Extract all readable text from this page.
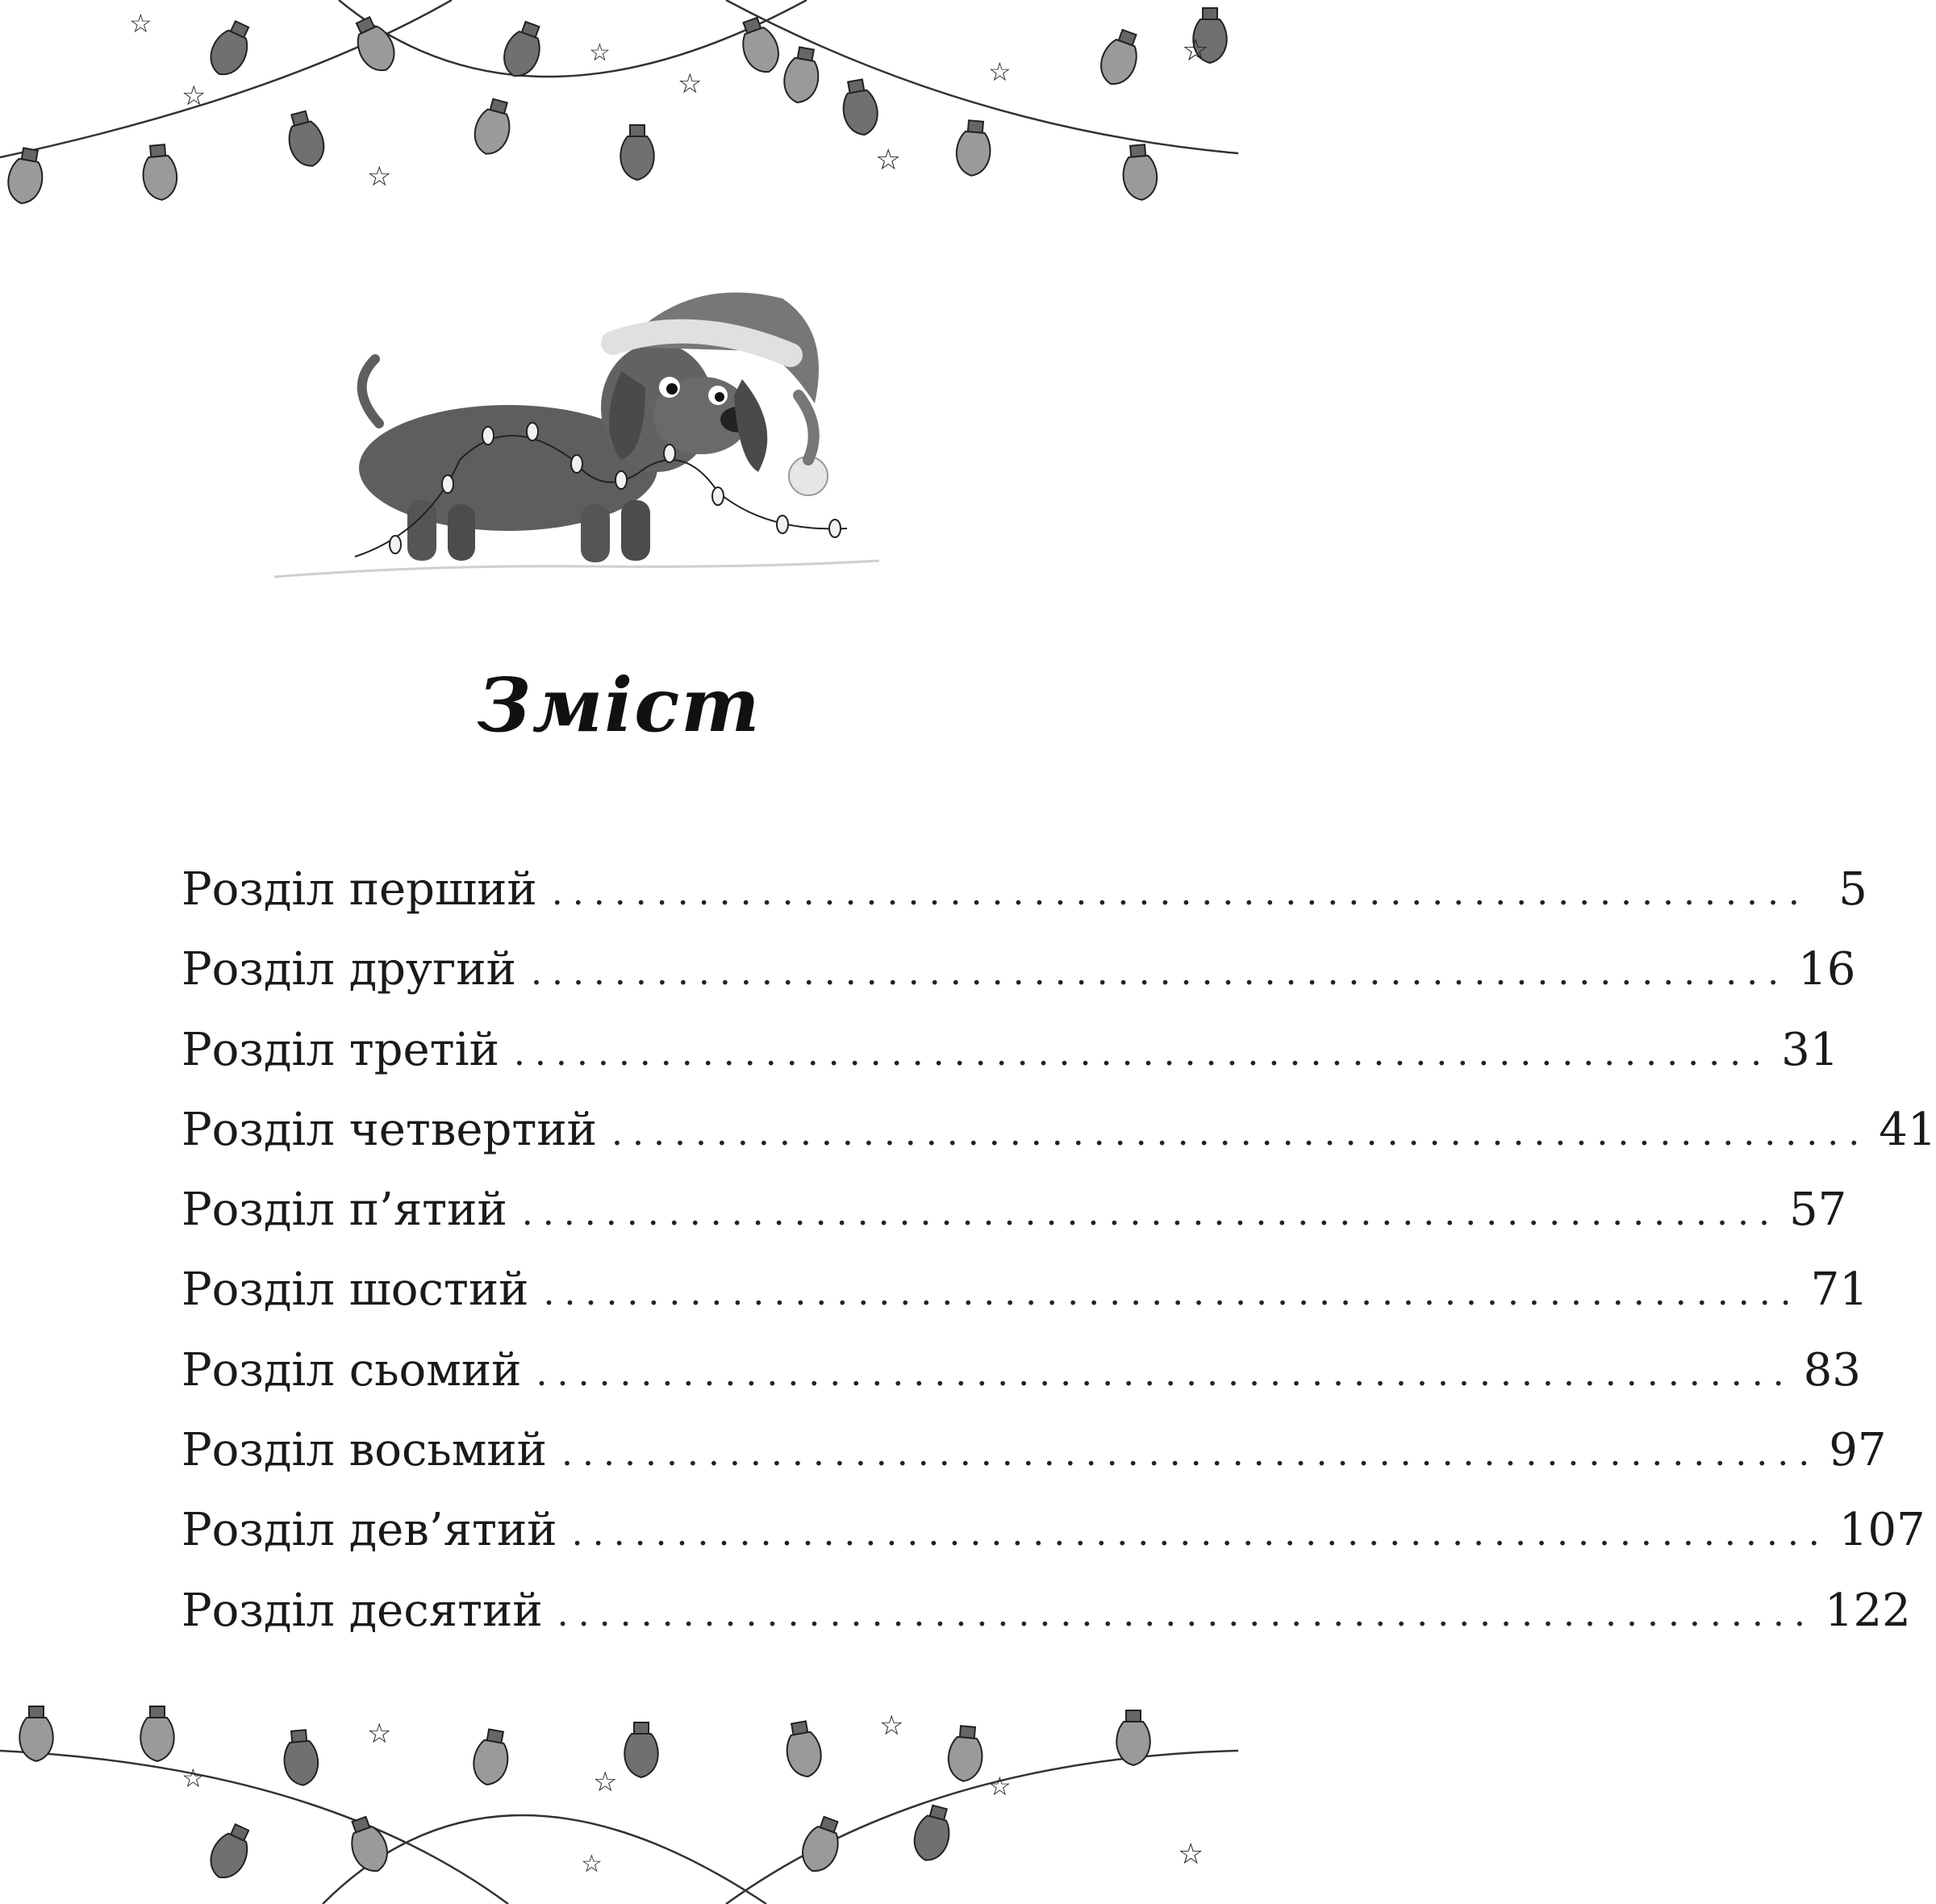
☆
☆
☆
☆
☆
☆
☆
☆
Зміст
Розділ перший ............................................................ 5
Розділ другий ............................................................ 16
Розділ третій ............................................................ 31
Розділ четвертий ............................................................ 41
Розділ п’ятий ............................................................ 57
Розділ шостий ............................................................ 71
Розділ сьомий ............................................................ 83
Розділ восьмий ............................................................ 97
Розділ дев’ятий ............................................................ 107
Розділ десятий ............................................................ 122
☆
☆
☆
☆
☆
☆
☆
